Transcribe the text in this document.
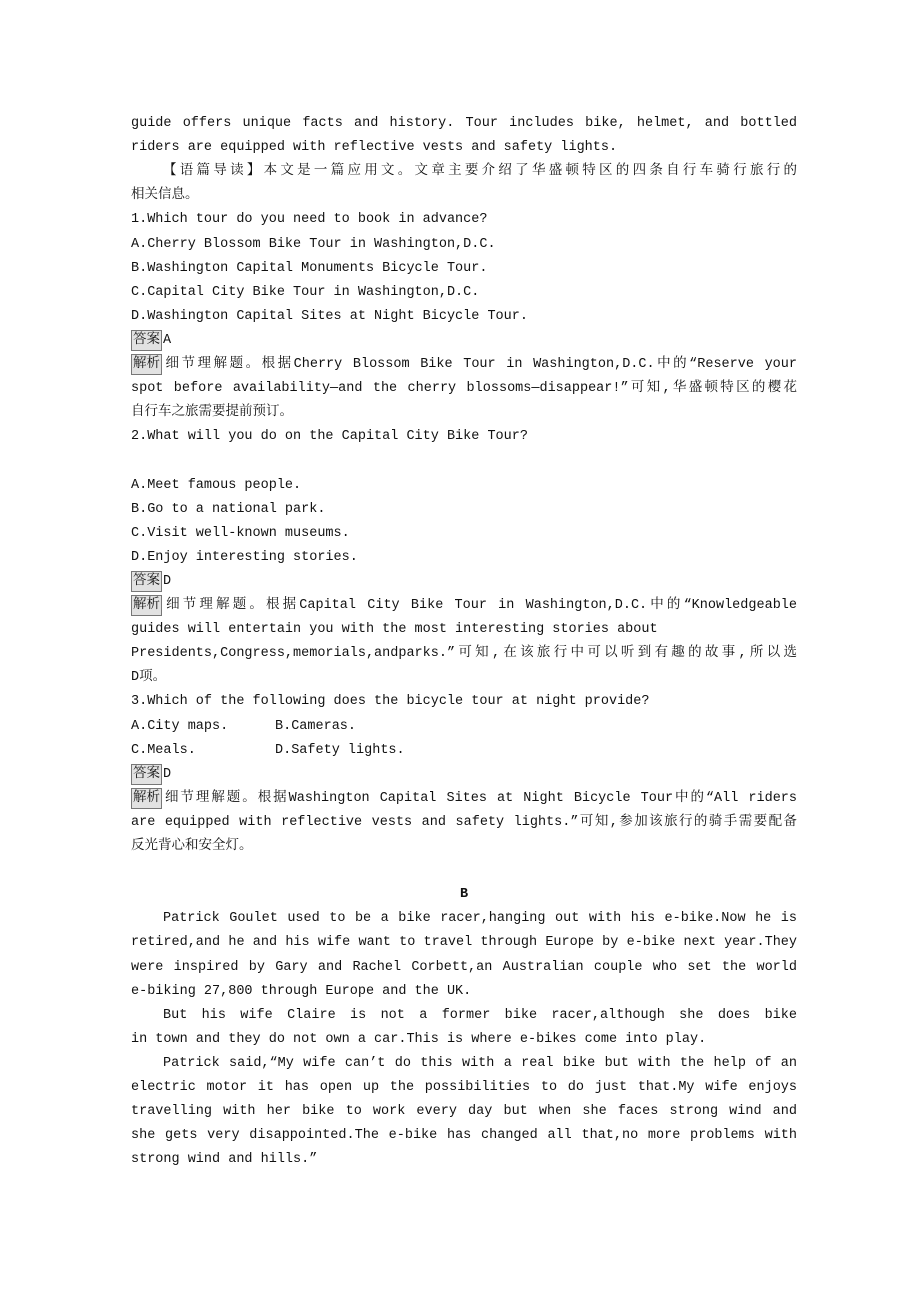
guide offers unique facts and history. Tour includes bike, helmet, and bottled
riders are equipped with reflective vests and safety lights.
【语篇导读】本文是一篇应用文。文章主要介绍了华盛顿特区的四条自行车骑行旅行的
相关信息。
1.Which tour do you need to book in advance?
A.Cherry Blossom Bike Tour in Washington,D.C.
B.Washington Capital Monuments Bicycle Tour.
C.Capital City Bike Tour in Washington,D.C.
D.Washington Capital Sites at Night Bicycle Tour.
答案 A
解析 细节理解题。根据Cherry Blossom Bike Tour in Washington,D.C.中的“Reserve your
spot before availability—and the cherry blossoms—disappear!”可知,华盛顿特区的樱花
自行车之旅需要提前预订。
2.What will you do on the Capital City Bike Tour?
A.Meet famous people.
B.Go to a national park.
C.Visit well-known museums.
D.Enjoy interesting stories.
答案 D
解析 细节理解题。根据Capital City Bike Tour in Washington,D.C.中的“Knowledgeable
guides will entertain you with the most interesting stories about
Presidents,Congress,memorials,andparks.”可知,在该旅行中可以听到有趣的故事,所以选
D项。
3.Which of the following does the bicycle tour at night provide?
A.City maps.	B.Cameras.
C.Meals.	D.Safety lights.
答案 D
解析 细节理解题。根据Washington Capital Sites at Night Bicycle Tour中的“All riders
are equipped with reflective vests and safety lights.”可知,参加该旅行的骑手需要配备
反光背心和安全灯。
B
Patrick Goulet used to be a bike racer,hanging out with his e-bike.Now he is
retired,and he and his wife want to travel through Europe by e-bike next year.They
were inspired by Gary and Rachel Corbett,an Australian couple who set the world
e-biking 27,800 through Europe and the UK.
But his wife Claire is not a former bike racer,although she does bike
in town and they do not own a car.This is where e-bikes come into play.
Patrick said,“My wife can’t do this with a real bike but with the help of an
electric motor it has open up the possibilities to do just that.My wife enjoys
travelling with her bike to work every day but when she faces strong wind and
she gets very disappointed.The e-bike has changed all that,no more problems with
strong wind and hills.”
